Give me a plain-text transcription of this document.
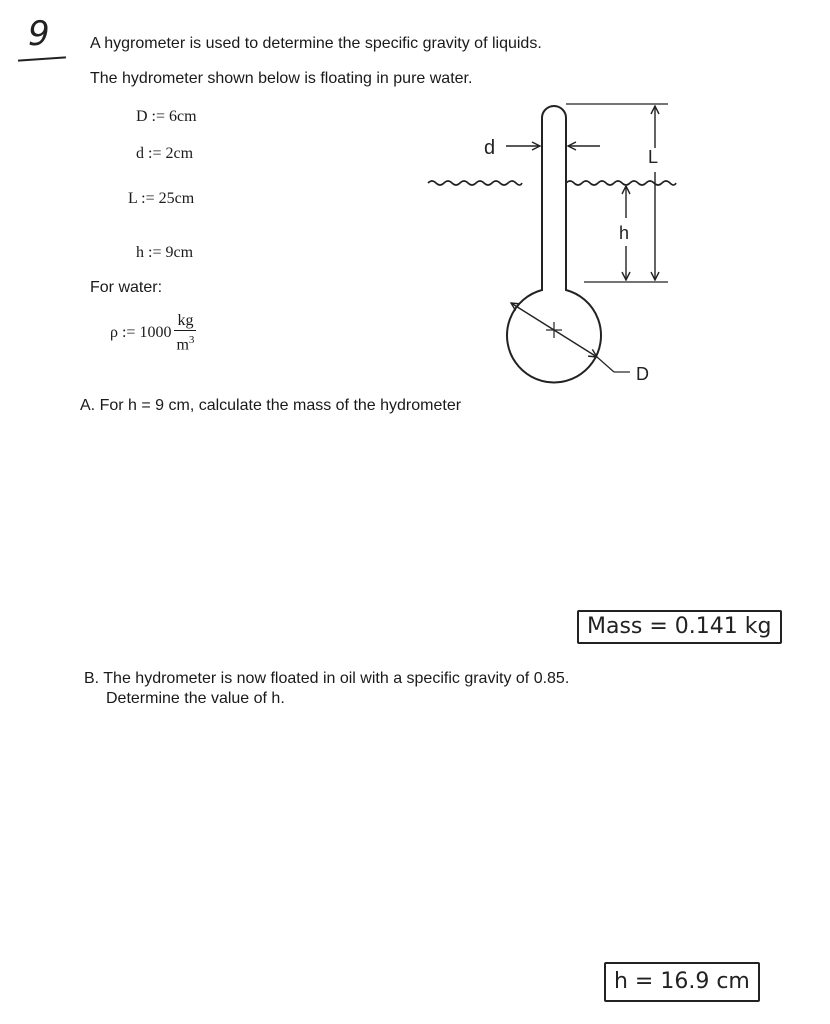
9	A hygrometer is used to determine the specific gravity of liquids.
The hydrometer shown below is floating in pure water.
D := 6cm
d := 2cm
L := 25cm
h := 9cm
For water:
ρ := $1000 \frac{kg}{m^3}$
d	L
h
D
A. For h = 9 cm, calculate the mass of the hydrometer
Mass = 0.141 kg
B. The hydrometer is now floated in oil with a specific gravity of 0.85.
Determine the value of h.
h = 16.9 cm
